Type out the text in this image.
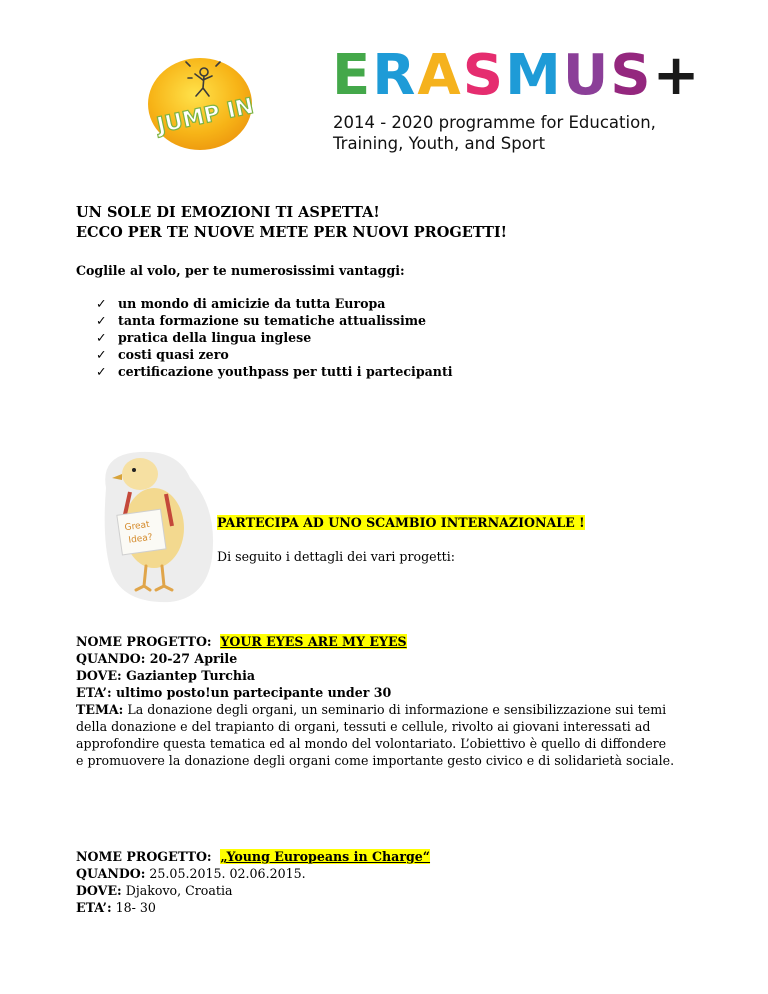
JUMP IN
ERASMUS+
2014 - 2020 programme for Education,
Training, Youth, and Sport
UN SOLE DI EMOZIONI TI ASPETTA!
ECCO PER TE NUOVE METE PER NUOVI PROGETTI!
Coglile al volo, per te numerosissimi vantaggi:
✓ un mondo di amicizie da tutta Europa
✓ tanta formazione su tematiche attualissime
✓ pratica della lingua inglese
✓ costi quasi zero
✓ certificazione youthpass per tutti i partecipanti
Great
Idea?
PARTECIPA AD UNO SCAMBIO INTERNAZIONALE !
Di seguito i dettagli dei vari progetti:
NOME PROGETTO: YOUR EYES ARE MY EYES
QUANDO: 20-27 Aprile
DOVE: Gaziantep Turchia
ETA’: ultimo posto!un partecipante under 30
TEMA: La donazione degli organi, un seminario di informazione e sensibilizzazione sui temi
della donazione e del trapianto di organi, tessuti e cellule, rivolto ai giovani interessati ad
approfondire questa tematica ed al mondo del volontariato. L’obiettivo è quello di diffondere
e promuovere la donazione degli organi come importante gesto civico e di solidarietà sociale.
NOME PROGETTO: „Young Europeans in Charge“
QUANDO: 25.05.2015. 02.06.2015.
DOVE: Djakovo, Croatia
ETA’: 18- 30
